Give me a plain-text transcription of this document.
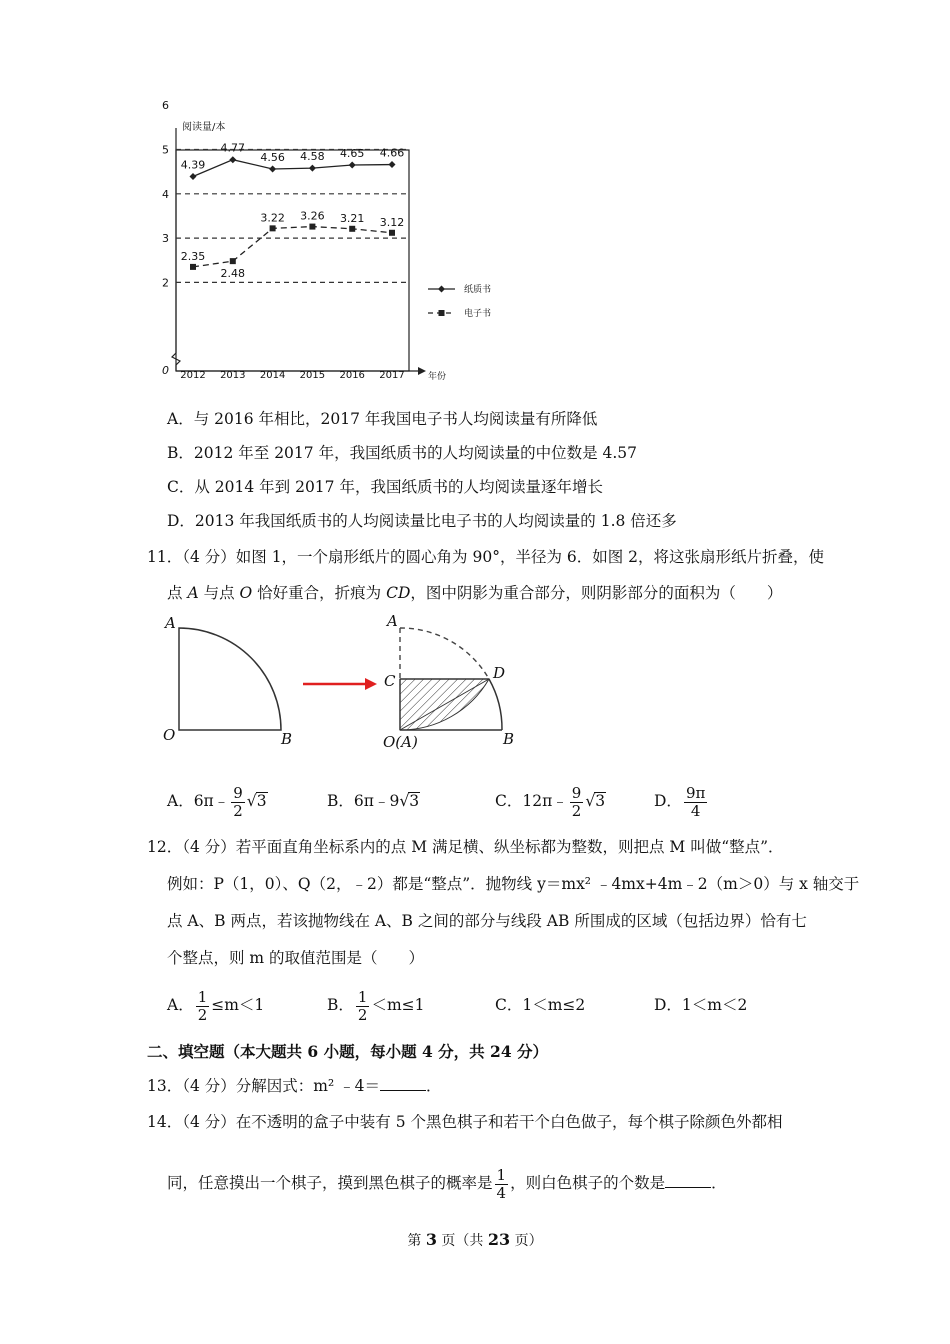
阅读量/本
年份
0
2
3
4
5
6
2012 2013 2014 2015 2016 2017
4.39
4.77
4.56 4.58 4.65 4.66
2.35
2.48
3.22 3.26 3.21 3.12
纸质书
电子书
A．与 2016 年相比，2017 年我国电子书人均阅读量有所降低
B．2012 年至 2017 年，我国纸质书的人均阅读量的中位数是 4.57
C．从 2014 年到 2017 年，我国纸质书的人均阅读量逐年增长
D．2013 年我国纸质书的人均阅读量比电子书的人均阅读量的 1.8 倍还多
11．（4 分）如图 1，一个扇形纸片的圆心角为 90°，半径为 6．如图 2，将这张扇形纸片折叠，使
点 A 与点 O 恰好重合，折痕为 CD，图中阴影为重合部分，则阴影部分的面积为（　　）
A
O	B
A
C	D
O(A)	B
A．6π﹣ $\frac{9}{2} √3$	B．6π﹣9√3	C．12π﹣ $\frac{9}{2} √3$	D． $\frac{9\pi}{4}$
12．（4 分）若平面直角坐标系内的点 M 满足横、纵坐标都为整数，则把点 M 叫做“整点”．
例如：P（1，0）、Q（2，﹣2）都是“整点”．抛物线 y＝mx² ﹣4mx+4m﹣2（m＞0）与 x 轴交于
点 A、B 两点，若该抛物线在 A、B 之间的部分与线段 AB 所围成的区域（包括边界）恰有七
个整点，则 m 的取值范围是（　　）
A． $\frac{1}{2} \le m<1$	B． $\frac{1}{2} <m\le 1$	C．1＜m≤2	D．1＜m＜2
二、填空题（本大题共 6 小题，每小题 4 分，共 24 分）
13．（4 分）分解因式：m² ﹣4＝	．
14．（4 分）在不透明的盒子中装有 5 个黑色棋子和若干个白色做子，每个棋子除颜色外都相
同，任意摸出一个棋子，摸到黑色棋子的概率是 $\frac{1}{4}$ ，则白色棋子的个数是	．
第 3 页（共 23 页）
